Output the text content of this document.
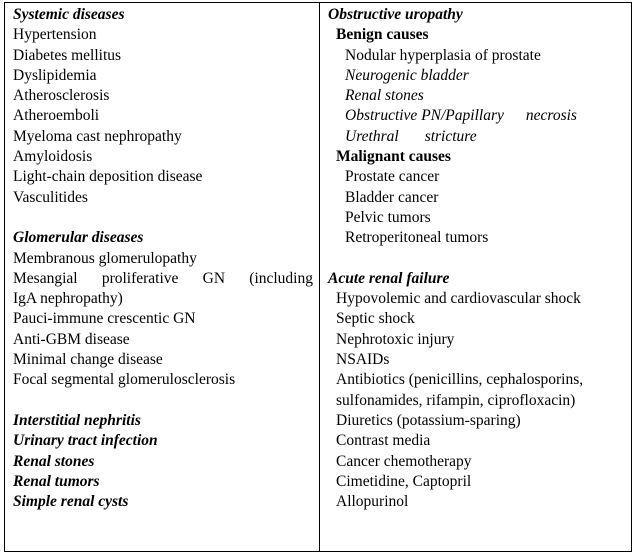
Systemic diseases
Hypertension
Diabetes mellitus
Dyslipidemia
Atherosclerosis
Atheroemboli
Myeloma cast nephropathy
Amyloidosis
Light-chain deposition disease
Vasculitides
Glomerular diseases
Membranous glomerulopathy
Mesangial proliferative GN (including
IgA nephropathy)
Pauci-immune crescentic GN
Anti-GBM disease
Minimal change disease
Focal segmental glomerulosclerosis
Interstitial nephritis
Urinary tract infection
Renal stones
Renal tumors
Simple renal cysts
Obstructive uropathy
Benign causes
Nodular hyperplasia of prostate
Neurogenic bladder
Renal stones
Obstructive PN/Papillary necrosis
Urethral stricture
Malignant causes
Prostate cancer
Bladder cancer
Pelvic tumors
Retroperitoneal tumors
Acute renal failure
Hypovolemic and cardiovascular shock
Septic shock
Nephrotoxic injury
NSAIDs
Antibiotics (penicillins, cephalosporins,
sulfonamides, rifampin, ciprofloxacin)
Diuretics (potassium-sparing)
Contrast media
Cancer chemotherapy
Cimetidine, Captopril
Allopurinol
